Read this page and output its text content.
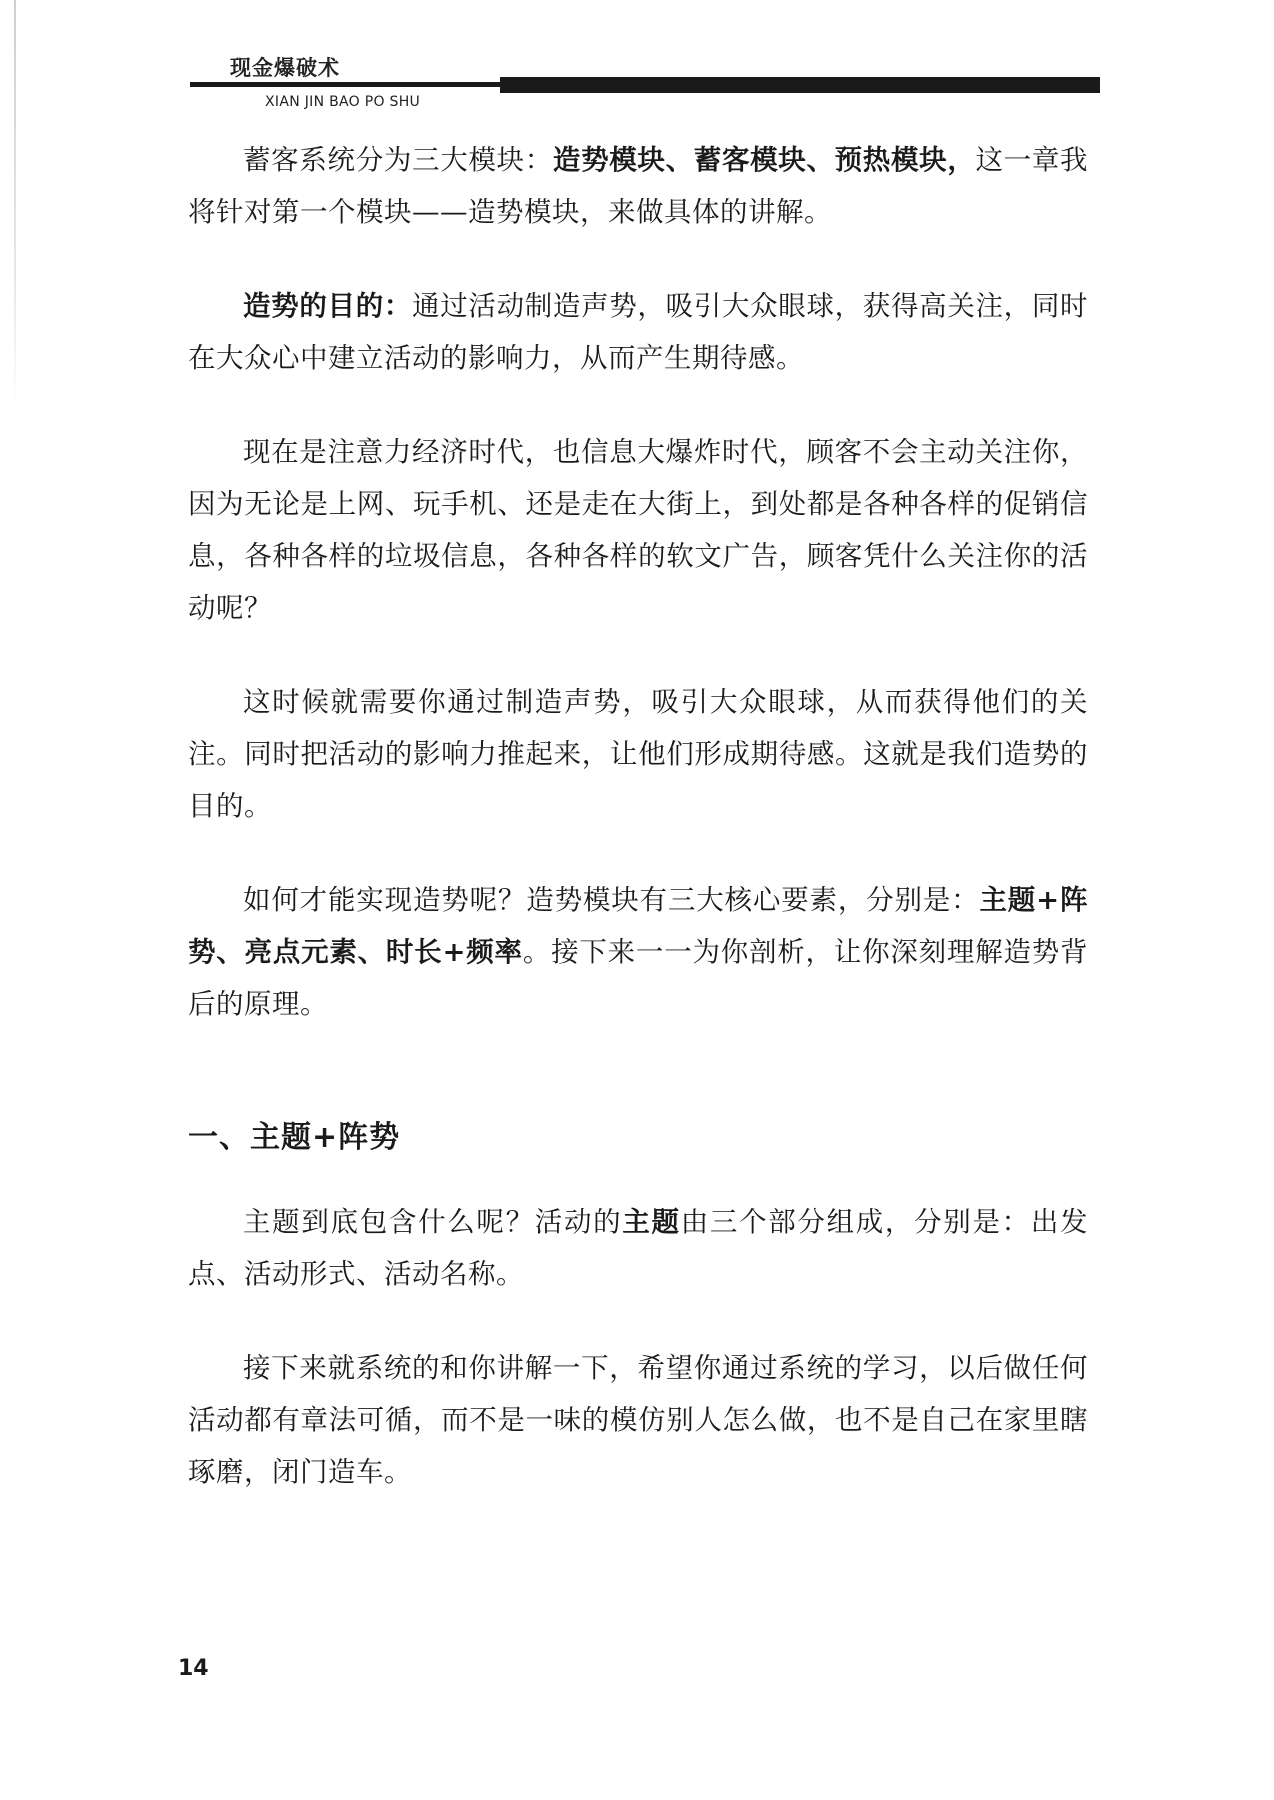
现金爆破术
XIAN JIN BAO PO SHU

蓄客系统分为三大模块：造势模块、蓄客模块、预热模块，这一章我将针对第一个模块——造势模块，来做具体的讲解。

造势的目的：通过活动制造声势，吸引大众眼球，获得高关注，同时在大众心中建立活动的影响力，从而产生期待感。

现在是注意力经济时代，也信息大爆炸时代，顾客不会主动关注你，因为无论是上网、玩手机、还是走在大街上，到处都是各种各样的促销信息，各种各样的垃圾信息，各种各样的软文广告，顾客凭什么关注你的活动呢？

这时候就需要你通过制造声势，吸引大众眼球，从而获得他们的关注。同时把活动的影响力推起来，让他们形成期待感。这就是我们造势的目的。

如何才能实现造势呢？造势模块有三大核心要素，分别是：主题+阵势、亮点元素、时长+频率。接下来一一为你剖析，让你深刻理解造势背后的原理。

一、主题+阵势

主题到底包含什么呢？活动的主题由三个部分组成，分别是：出发点、活动形式、活动名称。

接下来就系统的和你讲解一下，希望你通过系统的学习，以后做任何活动都有章法可循，而不是一味的模仿别人怎么做，也不是自己在家里瞎琢磨，闭门造车。

14
